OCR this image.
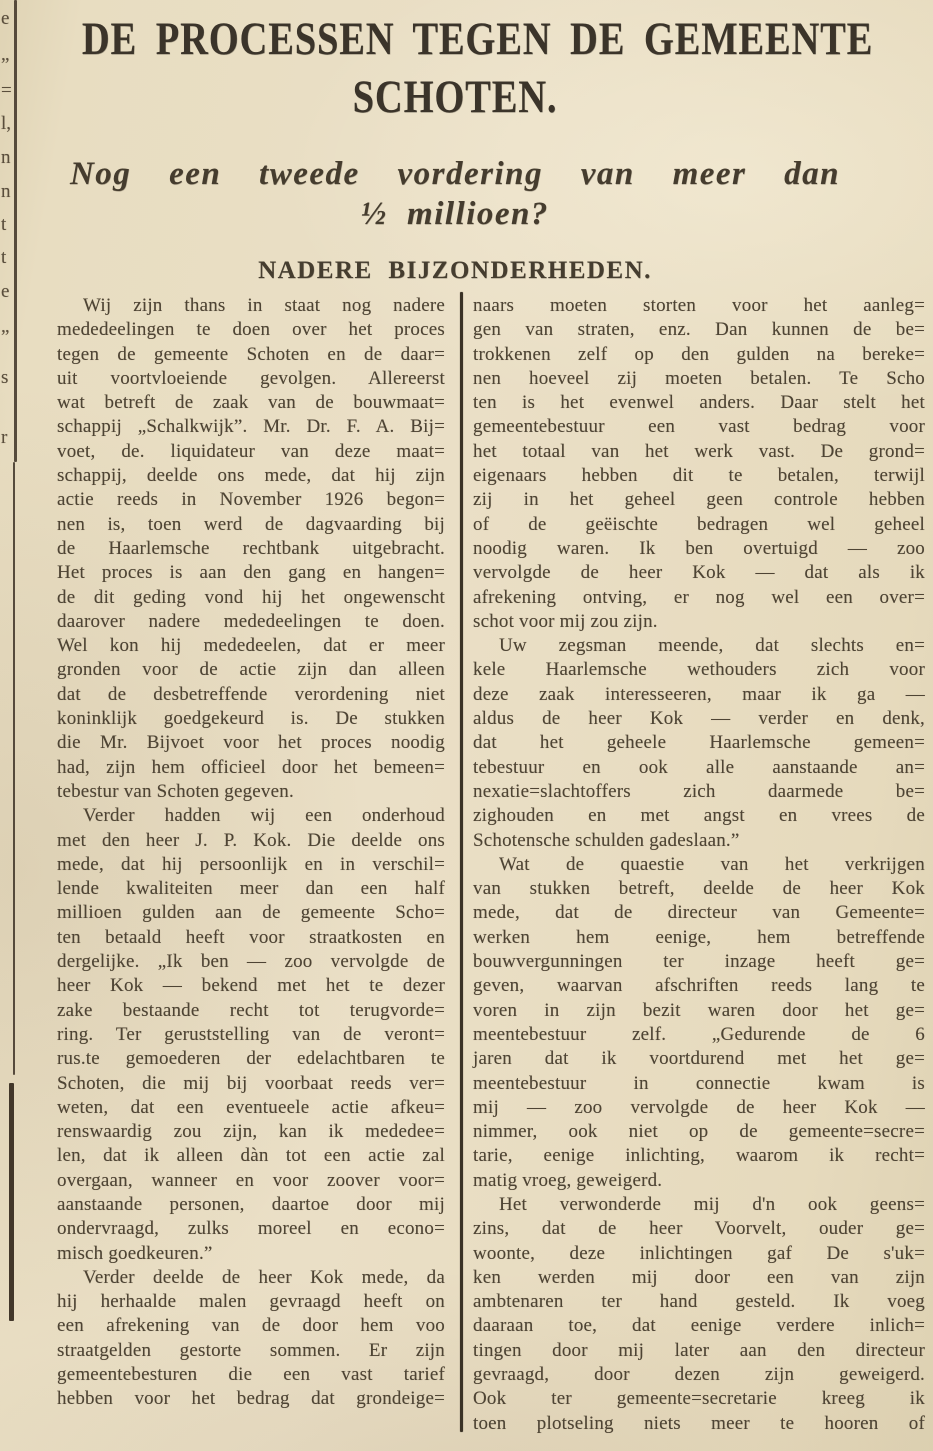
e
„
=
l,
n
n
t
t
e
„
s
r
DE PROCESSEN TEGEN DE GEMEENTE
SCHOTEN.
Nog een tweede vordering van meer dan
½ millioen?
NADERE BIJZONDERHEDEN.
Wij zijn thans in staat nog nadere
mededeelingen te doen over het proces
tegen de gemeente Schoten en de daar=
uit voortvloeiende gevolgen. Allereerst
wat betreft de zaak van de bouwmaat=
schappij „Schalkwijk”. Mr. Dr. F. A. Bij=
voet, de. liquidateur van deze maat=
schappij, deelde ons mede, dat hij zijn
actie reeds in November 1926 begon=
nen is, toen werd de dagvaarding bij
de Haarlemsche rechtbank uitgebracht.
Het proces is aan den gang en hangen=
de dit geding vond hij het ongewenscht
daarover nadere mededeelingen te doen.
Wel kon hij mededeelen, dat er meer
gronden voor de actie zijn dan alleen
dat de desbetreffende verordening niet
koninklijk goedgekeurd is. De stukken
die Mr. Bijvoet voor het proces noodig
had, zijn hem officieel door het bemeen=
tebestur van Schoten gegeven.
Verder hadden wij een onderhoud
met den heer J. P. Kok. Die deelde ons
mede, dat hij persoonlijk en in verschil=
lende kwaliteiten meer dan een half
millioen gulden aan de gemeente Scho=
ten betaald heeft voor straatkosten en
dergelijke. „Ik ben — zoo vervolgde de
heer Kok — bekend met het te dezer
zake bestaande recht tot terugvorde=
ring. Ter geruststelling van de veront=
rus.te gemoederen der edelachtbaren te
Schoten, die mij bij voorbaat reeds ver=
weten, dat een eventueele actie afkeu=
renswaardig zou zijn, kan ik mededee=
len, dat ik alleen dàn tot een actie zal
overgaan, wanneer en voor zoover voor=
aanstaande personen, daartoe door mij
ondervraagd, zulks moreel en econo=
misch goedkeuren.”
Verder deelde de heer Kok mede, da
hij herhaalde malen gevraagd heeft on
een afrekening van de door hem voo
straatgelden gestorte sommen. Er zijn
gemeentebesturen die een vast tarief
hebben voor het bedrag dat grondeige=
naars moeten storten voor het aanleg=
gen van straten, enz. Dan kunnen de be=
trokkenen zelf op den gulden na bereke=
nen hoeveel zij moeten betalen. Te Scho
ten is het evenwel anders. Daar stelt het
gemeentebestuur een vast bedrag voor
het totaal van het werk vast. De grond=
eigenaars hebben dit te betalen, terwijl
zij in het geheel geen controle hebben
of de geëischte bedragen wel geheel
noodig waren. Ik ben overtuigd — zoo
vervolgde de heer Kok — dat als ik
afrekening ontving, er nog wel een over=
schot voor mij zou zijn.
Uw zegsman meende, dat slechts en=
kele Haarlemsche wethouders zich voor
deze zaak interesseeren, maar ik ga —
aldus de heer Kok — verder en denk,
dat het geheele Haarlemsche gemeen=
tebestuur en ook alle aanstaande an=
nexatie=slachtoffers zich daarmede be=
zighouden en met angst en vrees de
Schotensche schulden gadeslaan.”
Wat de quaestie van het verkrijgen
van stukken betreft, deelde de heer Kok
mede, dat de directeur van Gemeente=
werken hem eenige, hem betreffende
bouwvergunningen ter inzage heeft ge=
geven, waarvan afschriften reeds lang te
voren in zijn bezit waren door het ge=
meentebestuur zelf. „Gedurende de 6
jaren dat ik voortdurend met het ge=
meentebestuur in connectie kwam is
mij — zoo vervolgde de heer Kok —
nimmer, ook niet op de gemeente=secre=
tarie, eenige inlichting, waarom ik recht=
matig vroeg, geweigerd.
Het verwonderde mij d'n ook geens=
zins, dat de heer Voorvelt, ouder ge=
woonte, deze inlichtingen gaf De s'uk=
ken werden mij door een van zijn
ambtenaren ter hand gesteld. Ik voeg
daaraan toe, dat eenige verdere inlich=
tingen door mij later aan den directeur
gevraagd, door dezen zijn geweigerd.
Ook ter gemeente=secretarie kreeg ik
toen plotseling niets meer te hooren of
